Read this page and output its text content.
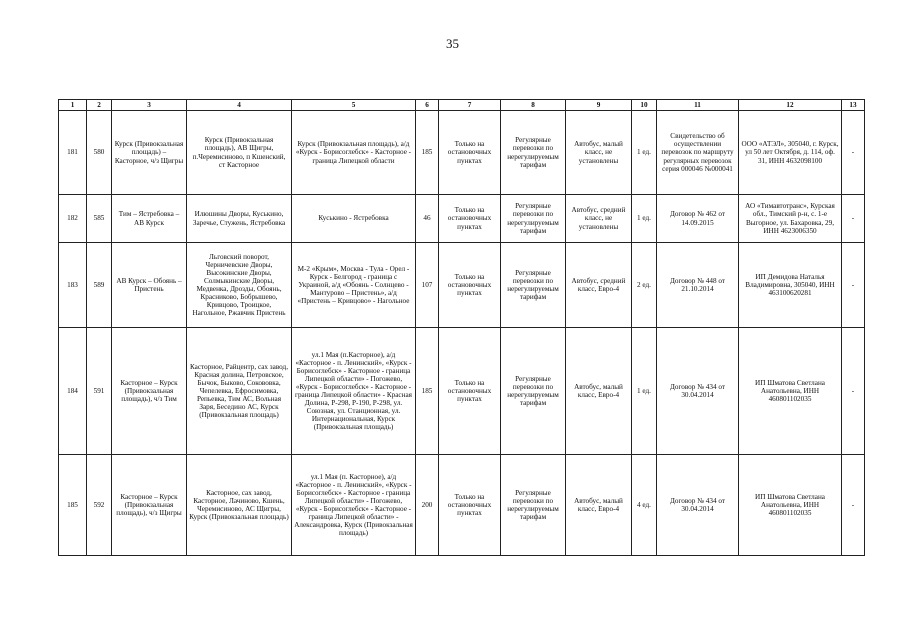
35
1	2	3	4	5	6	7	8	9	10	11	12	13
181	580	Курск (Привокзальная площадь) – Касторное, ч/з Щигры	Курск (Привокзальная площадь), АВ Щигры, п.Черемисиново, п Кшенский, ст Касторное	Курск (Привокзальная площадь), а/д «Курск - Борисоглебск» - Касторное - граница Липецкой области	185	Только на остановочных пунктах	Регулярные перевозки по нерегулируемым тарифам	Автобус, малый класс, не установлены	1 ед.	Свидетельство об осуществлении перевозок по маршруту регулярных перевозок серия 000046 №000041	ООО «АТЭЛ», 305040, г. Курск, ул 50 лет Октября, д. 114, оф. 31, ИНН 4632098100	-
182	585	Тим – Ястребовка – АВ Курск	Илюшины Дворы, Куськино, Заречье, Стужень, Ястребовка	Куськино - Ястребовка	46	Только на остановочных пунктах	Регулярные перевозки по нерегулируемым тарифам	Автобус, средний класс, не установлены	1 ед.	Договор № 462 от 14.09.2015	АО «Тимавтотранс», Курская обл., Тимский р-н, с. 1-е Выгорное, ул. Бахаровка, 29, ИНН 4623006350	-
183	589	АВ Курск – Обоянь – Пристень	Льговский поворот, Черничевские Дворы, Высокинские Дворы, Солмыкинские Дворы, Медвенка, Дрозды, Обоянь, Красниково, Бобрышево, Кривцово, Троицкое, Нагольное, Ржавчик Пристень	М-2 «Крым», Москва - Тула - Орел - Курск - Белгород - граница с Украиной, а/д «Обоянь - Солнцево - Мантурово – Пристень», а/д «Пристень – Кривцово» - Нагольное	107	Только на остановочных пунктах	Регулярные перевозки по нерегулируемым тарифам	Автобус, средний класс, Евро-4	2 ед.	Договор № 448 от 21.10.2014	ИП Демидова Наталья Владимировна, 305040, ИНН 463100620281	-
184	591	Касторное – Курск (Привокзальная площадь), ч/з Тим	Касторное, Райцентр, сах завод, Красная долина, Петровское, Бычок, Быково, Сокововка, Чепелевка, Ефросимовка, Репьевка, Тим АС, Вольная Заря, Бесединo АС, Курск (Привокзальная площадь)	ул.1 Мая (п.Касторное), а/д «Касторное - п. Ленинский», «Курск - Борисоглебск» - Касторное - граница Липецкой области» - Погожево, «Курск - Борисоглебск» - Касторное - граница Липецкой области» - Красная Долина, Р-298, Р-190, Р-298, ул. Союзная, ул. Станционная, ул. Интернациональная, Курск (Привокзальная площадь)	185	Только на остановочных пунктах	Регулярные перевозки по нерегулируемым тарифам	Автобус, малый класс, Евро-4	1 ед.	Договор № 434 от 30.04.2014	ИП Шматова Светлана Анатольевна, ИНН 460801102035	-
185	592	Касторное – Курск (Привокзальная площадь), ч/з Щигры	Касторное, сах завод, Касторное, Лачиново, Кшень, Черемисиново, АС Щигры, Курск (Привокзальная площадь)	ул.1 Мая (п. Касторное), а/д «Касторное - п. Ленинский», «Курск - Борисоглебск» - Касторное - граница Липецкой области» - Погожево, «Курск - Борисоглебск» - Касторное - граница Липецкой области» - Александровка, Курск (Привокзальная площадь)	200	Только на остановочных пунктах	Регулярные перевозки по нерегулируемым тарифам	Автобус, малый класс, Евро-4	4 ед.	Договор № 434 от 30.04.2014	ИП Шматова Светлана Анатольевна, ИНН 460801102035	-
